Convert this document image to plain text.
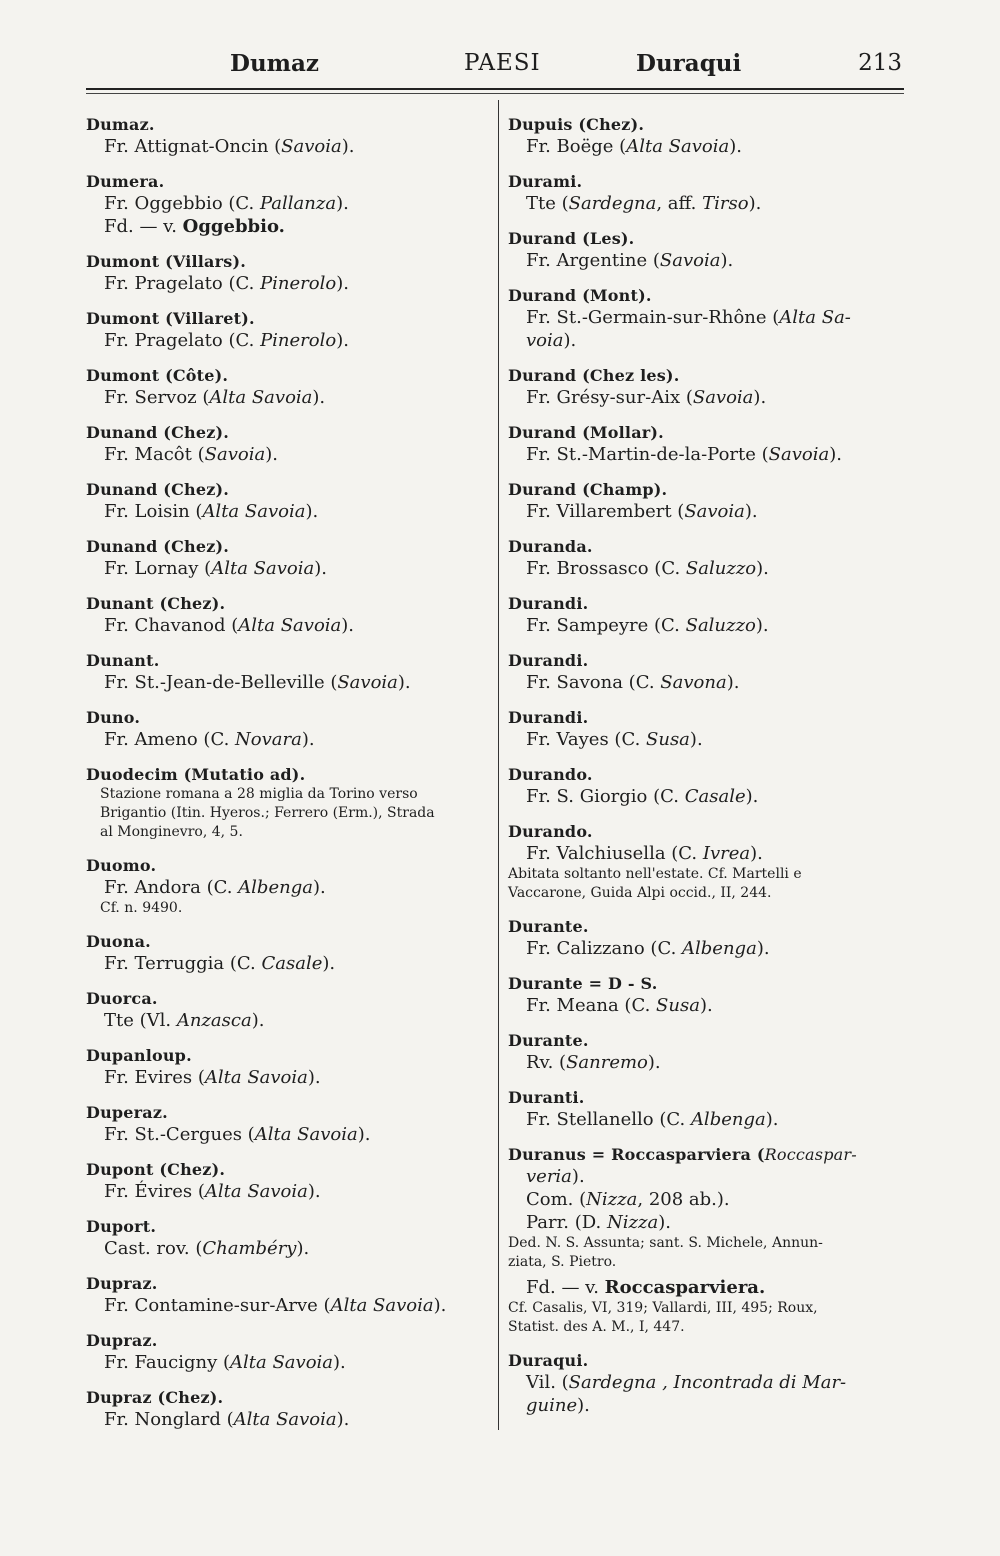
Dumaz	PAESI	Duraqui	213
Dumaz.
Fr. Attignat-Oncin (Savoia).
Dumera.
Fr. Oggebbio (C. Pallanza).
Fd. — v. Oggebbio.
Dumont (Villars).
Fr. Pragelato (C. Pinerolo).
Dumont (Villaret).
Fr. Pragelato (C. Pinerolo).
Dumont (Côte).
Fr. Servoz (Alta Savoia).
Dunand (Chez).
Fr. Macôt (Savoia).
Dunand (Chez).
Fr. Loisin (Alta Savoia).
Dunand (Chez).
Fr. Lornay (Alta Savoia).
Dunant (Chez).
Fr. Chavanod (Alta Savoia).
Dunant.
Fr. St.-Jean-de-Belleville (Savoia).
Duno.
Fr. Ameno (C. Novara).
Duodecim (Mutatio ad).
Stazione romana a 28 miglia da Torino verso
Brigantio (Itin. Hyeros.; Ferrero (Erm.), Strada
al Monginevro, 4, 5.
Duomo.
Fr. Andora (C. Albenga).
Cf. n. 9490.
Duona.
Fr. Terruggia (C. Casale).
Duorca.
Tte (Vl. Anzasca).
Dupanloup.
Fr. Evires (Alta Savoia).
Duperaz.
Fr. St.-Cergues (Alta Savoia).
Dupont (Chez).
Fr. Évires (Alta Savoia).
Duport.
Cast. rov. (Chambéry).
Dupraz.
Fr. Contamine-sur-Arve (Alta Savoia).
Dupraz.
Fr. Faucigny (Alta Savoia).
Dupraz (Chez).
Fr. Nonglard (Alta Savoia).
Dupuis (Chez).
Fr. Boëge (Alta Savoia).
Durami.
Tte (Sardegna, aff. Tirso).
Durand (Les).
Fr. Argentine (Savoia).
Durand (Mont).
Fr. St.-Germain-sur-Rhône (Alta Sa-
voia).
Durand (Chez les).
Fr. Grésy-sur-Aix (Savoia).
Durand (Mollar).
Fr. St.-Martin-de-la-Porte (Savoia).
Durand (Champ).
Fr. Villarembert (Savoia).
Duranda.
Fr. Brossasco (C. Saluzzo).
Durandi.
Fr. Sampeyre (C. Saluzzo).
Durandi.
Fr. Savona (C. Savona).
Durandi.
Fr. Vayes (C. Susa).
Durando.
Fr. S. Giorgio (C. Casale).
Durando.
Fr. Valchiusella (C. Ivrea).
Abitata soltanto nell'estate. Cf. Martelli e
Vaccarone, Guida Alpi occid., II, 244.
Durante.
Fr. Calizzano (C. Albenga).
Durante = D - S.
Fr. Meana (C. Susa).
Durante.
Rv. (Sanremo).
Duranti.
Fr. Stellanello (C. Albenga).
Duranus = Roccasparviera (Roccaspar-
veria).
Com. (Nizza, 208 ab.).
Parr. (D. Nizza).
Ded. N. S. Assunta; sant. S. Michele, Annun-
ziata, S. Pietro.
Fd. — v. Roccasparviera.
Cf. Casalis, VI, 319; Vallardi, III, 495; Roux,
Statist. des A. M., I, 447.
Duraqui.
Vil. (Sardegna , Incontrada di Mar-
guine).
